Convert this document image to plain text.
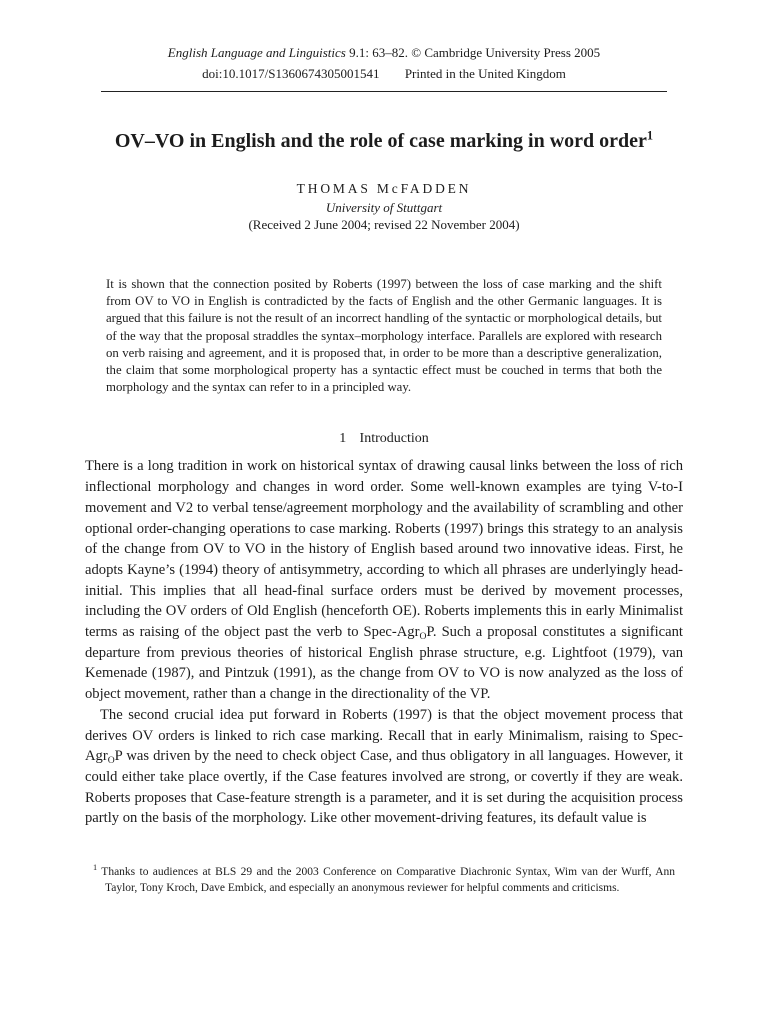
English Language and Linguistics 9.1: 63–82. © Cambridge University Press 2005
doi:10.1017/S1360674305001541 Printed in the United Kingdom
OV–VO in English and the role of case marking in word order$^1$
THOMAS McFADDEN
University of Stuttgart
(Received 2 June 2004; revised 22 November 2004)
It is shown that the connection posited by Roberts (1997) between the loss of case marking and the shift from OV to VO in English is contradicted by the facts of English and the other Germanic languages. It is argued that this failure is not the result of an incorrect handling of the syntactic or morphological details, but of the way that the proposal straddles the syntax–morphology interface. Parallels are explored with research on verb raising and agreement, and it is proposed that, in order to be more than a descriptive generalization, the claim that some morphological property has a syntactic effect must be couched in terms that both the morphology and the syntax can refer to in a principled way.
1 Introduction

There is a long tradition in work on historical syntax of drawing causal links between the loss of rich inflectional morphology and changes in word order. Some well-known examples are tying V-to-I movement and V2 to verbal tense/agreement morphology and the availability of scrambling and other optional order-changing operations to case marking. Roberts (1997) brings this strategy to an analysis of the change from OV to VO in the history of English based around two innovative ideas. First, he adopts Kayne’s (1994) theory of antisymmetry, according to which all phrases are underlyingly head-initial. This implies that all head-final surface orders must be derived by movement processes, including the OV orders of Old English (henceforth OE). Roberts implements this in early Minimalist terms as raising of the object past the verb to Spec-Agr$_O$P. Such a proposal constitutes a significant departure from previous theories of historical English phrase structure, e.g. Lightfoot (1979), van Kemenade (1987), and Pintzuk (1991), as the change from OV to VO is now analyzed as the loss of object movement, rather than a change in the directionality of the VP.

The second crucial idea put forward in Roberts (1997) is that the object movement process that derives OV orders is linked to rich case marking. Recall that in early Minimalism, raising to Spec-Agr$_O$P was driven by the need to check object Case, and thus obligatory in all languages. However, it could either take place overtly, if the Case features involved are strong, or covertly if they are weak. Roberts proposes that Case-feature strength is a parameter, and it is set during the acquisition process partly on the basis of the morphology. Like other movement-driving features, its default value is

$^1$ Thanks to audiences at BLS 29 and the 2003 Conference on Comparative Diachronic Syntax, Wim van der Wurff, Ann Taylor, Tony Kroch, Dave Embick, and especially an anonymous reviewer for helpful comments and criticisms.
